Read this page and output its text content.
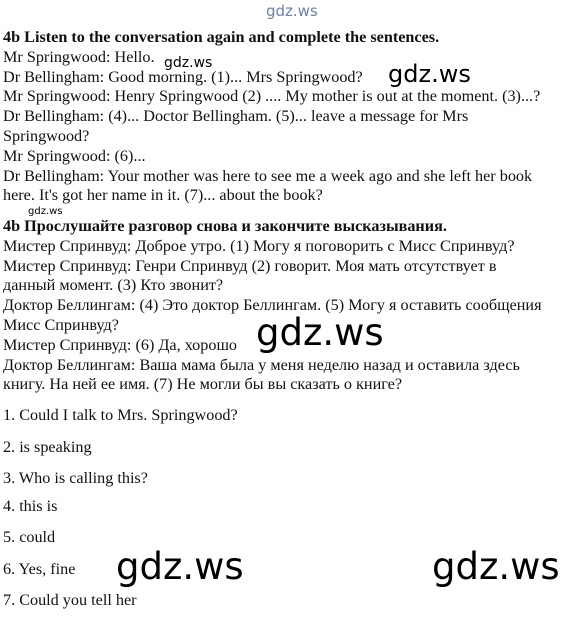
gdz.ws
4b Listen to the conversation again and complete the sentences.
Mr Springwood: Hello.
Dr Bellingham: Good morning. (1)... Mrs Springwood?
Mr Springwood: Henry Springwood (2) .... My mother is out at the moment. (3)...?
Dr Bellingham: (4)... Doctor Bellingham. (5)... leave a message for Mrs
Springwood?
Mr Springwood: (6)...
Dr Bellingham: Your mother was here to see me a week ago and she left her book
here. It's got her name in it. (7)... about the book?
gdz.ws	gdz.ws
gdz.ws
4b Прослушайте разговор снова и закончите высказывания.
Мистер Спринвуд: Доброе утро. (1) Могу я поговорить с Мисс Спринвуд?
Мистер Спринвуд: Генри Спринвуд (2) говорит. Моя мать отсутствует в
данный момент. (3) Кто звонит?
Доктор Беллингам: (4) Это доктор Беллингам. (5) Могу я оставить сообщения
Мисс Спринвуд?
Мистер Спринвуд: (6) Да, хорошо
Доктор Беллингам: Ваша мама была у меня неделю назад и оставила здесь
книгу. На ней ее имя. (7) Не могли бы вы сказать о книге?
gdz.ws
1. Could I talk to Mrs. Springwood?
2. is speaking
3. Who is calling this?
4. this is
5. could
6. Yes, fine
7. Could you tell her
gdz.ws	gdz.ws
